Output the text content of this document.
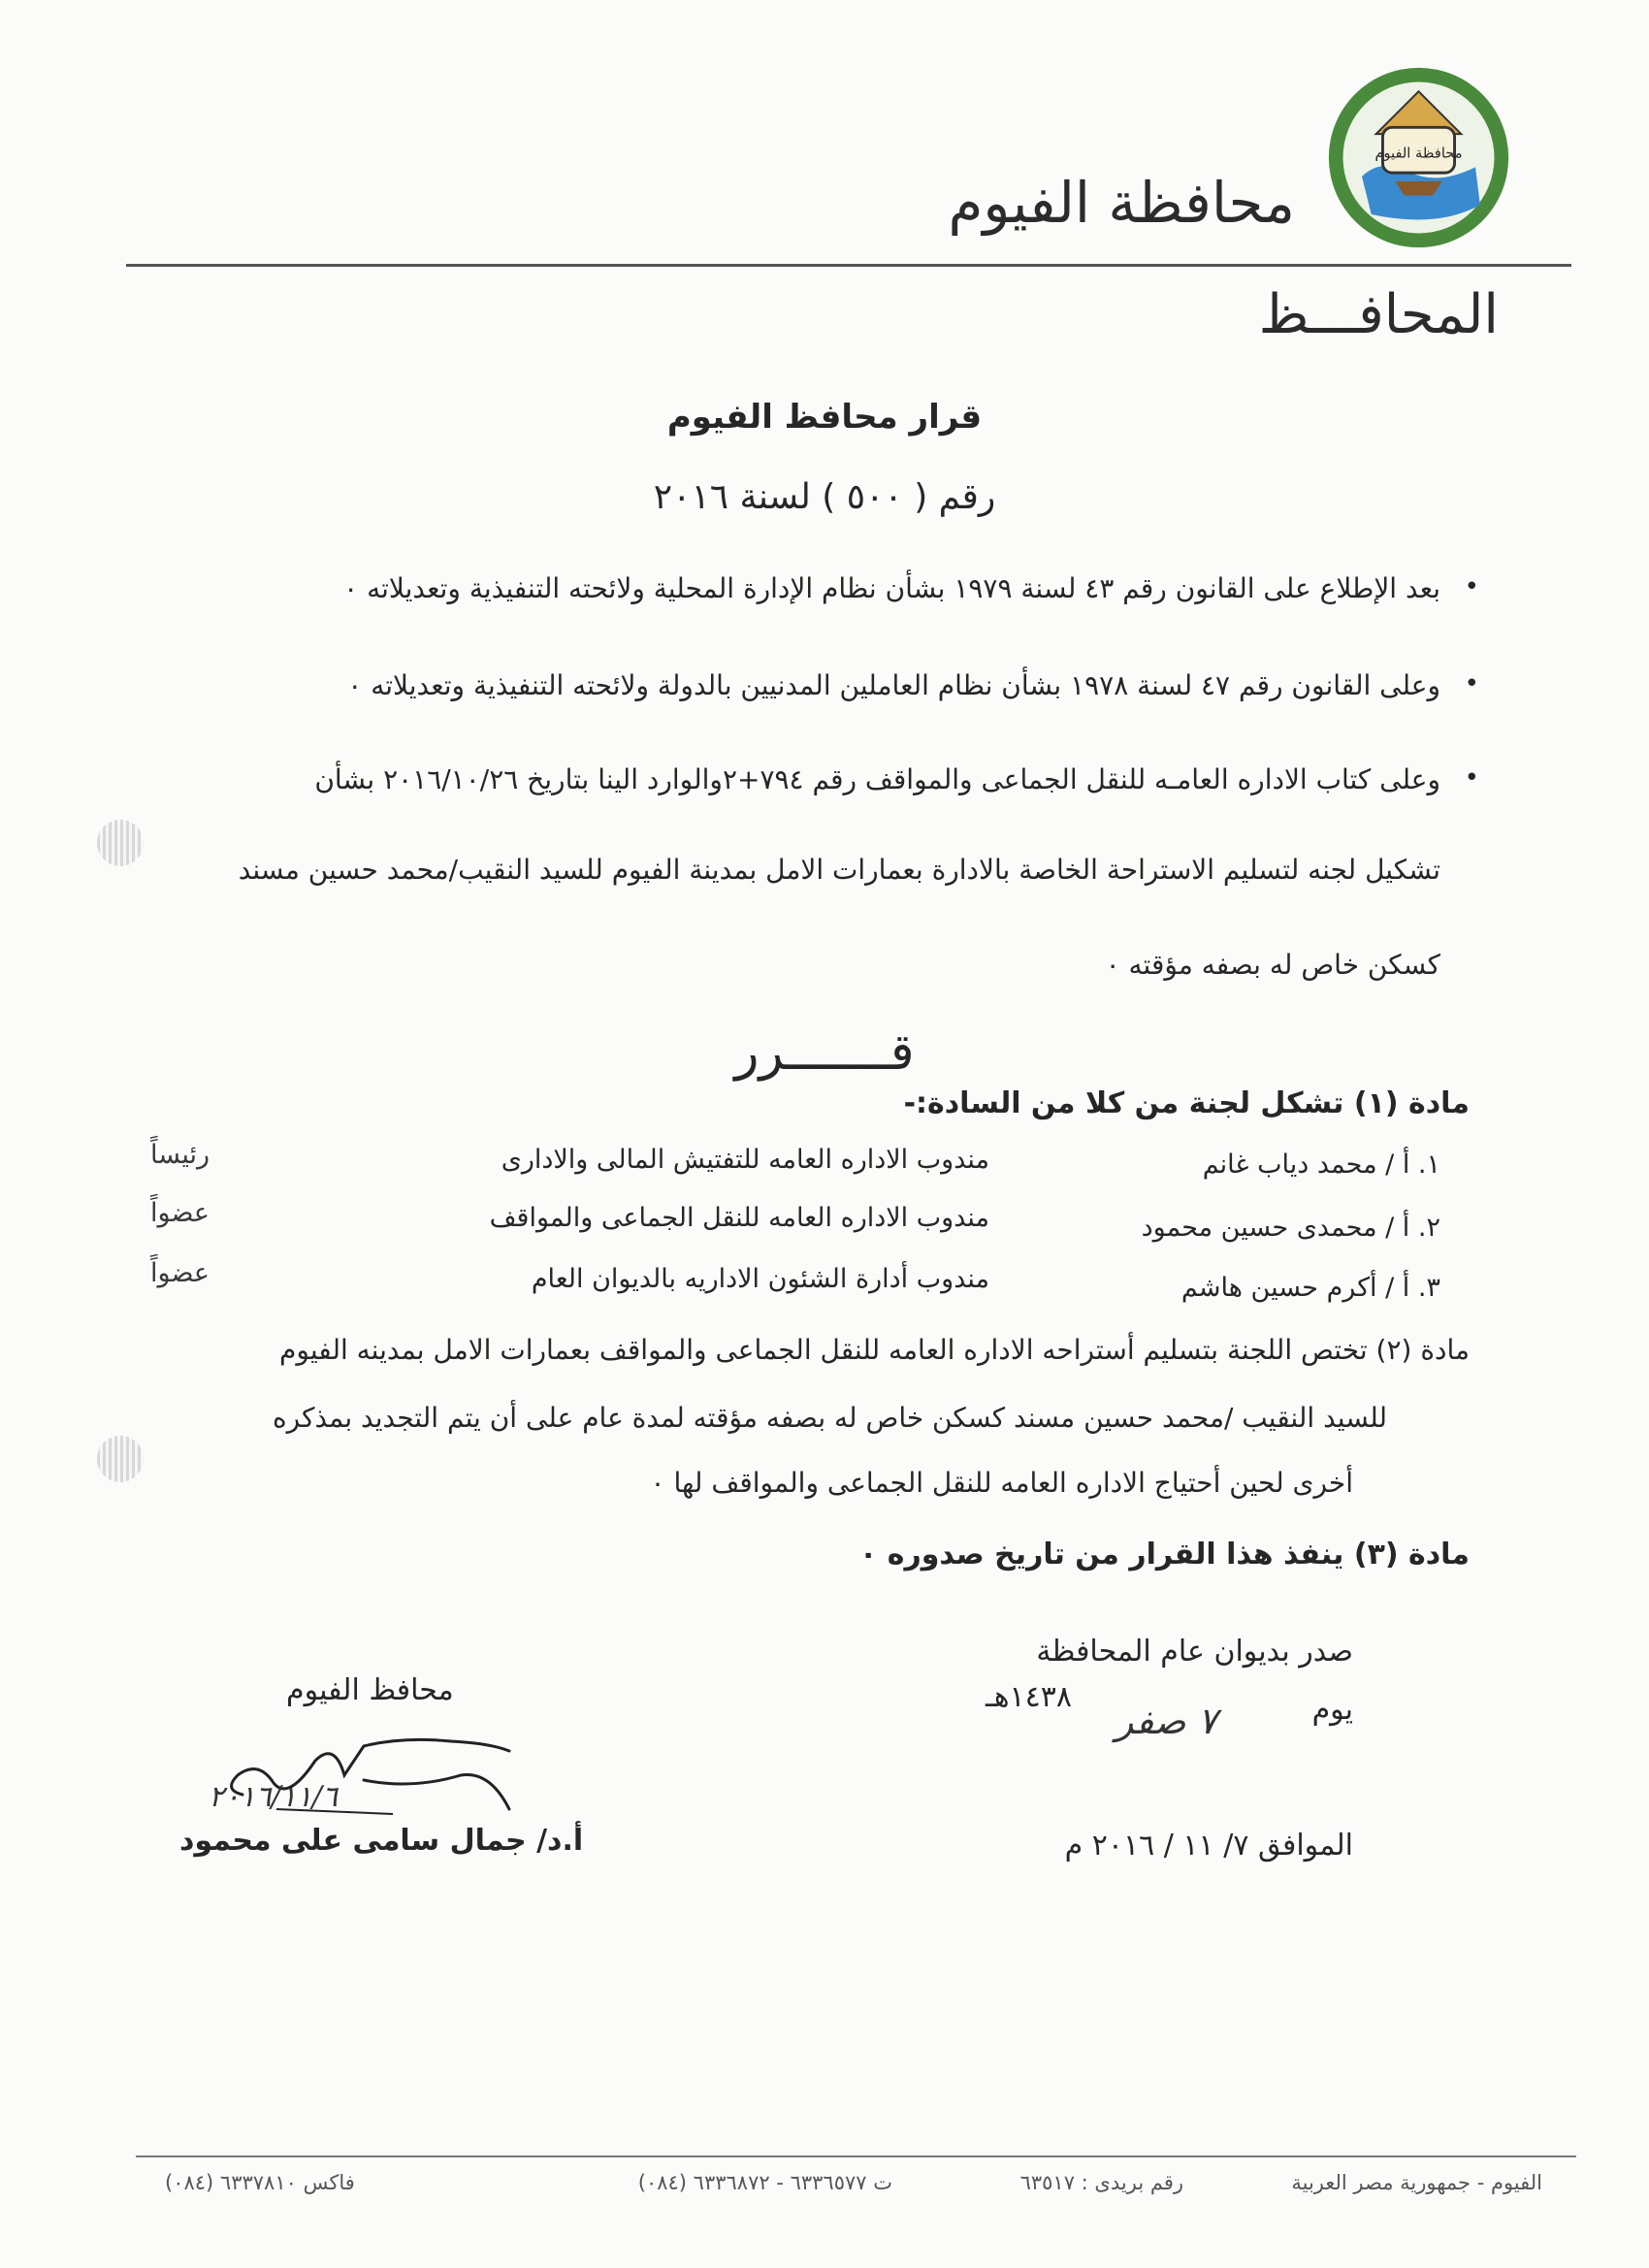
محافظة الفيوم
محافظة الفيوم
المحافـــظ
قرار محافظ الفيوم
رقم ( ٥٠٠ ) لسنة ٢٠١٦
•
بعد الإطلاع على القانون رقم ٤٣ لسنة ١٩٧٩ بشأن نظام الإدارة المحلية ولائحته التنفيذية وتعديلاته ٠
•
وعلى القانون رقم ٤٧ لسنة ١٩٧٨ بشأن نظام العاملين المدنيين بالدولة ولائحته التنفيذية وتعديلاته ٠
•
وعلى كتاب الاداره العامـه للنقل الجماعى والمواقف رقم ٧٩٤+٢والوارد الينا بتاريخ ٢٠١٦/١٠/٢٦ بشأن
تشكيل لجنه لتسليم الاستراحة الخاصة بالادارة بعمارات الامل بمدينة الفيوم للسيد النقيب/محمد حسين مسند
كسكن خاص له بصفه مؤقته ٠
قـــــــرر
مادة (١) تشكل لجنة من كلا من السادة:-
١. أ / محمد دياب غانم
مندوب الاداره العامه للتفتيش المالى والادارى
رئيساً
٢. أ / محمدى حسين محمود
مندوب الاداره العامه للنقل الجماعى والمواقف
عضواً
٣. أ / أكرم حسين هاشم
مندوب أدارة الشئون الاداريه بالديوان العام
عضواً
مادة (٢) تختص اللجنة بتسليم أستراحه الاداره العامه للنقل الجماعى والمواقف بعمارات الامل بمدينه الفيوم
للسيد النقيب /محمد حسين مسند كسكن خاص له بصفه مؤقته لمدة عام على أن يتم التجديد بمذكره
أخرى لحين أحتياج الاداره العامه للنقل الجماعى والمواقف لها ٠
مادة (٣) ينفذ هذا القرار من تاريخ صدوره ٠
صدر بديوان عام المحافظة
يوم
٧ صفر
١٤٣٨هـ
الموافق ٧/ ١١ / ٢٠١٦ م
محافظ الفيوم
٢٠١٦/١١/٦
أ.د/ جمال سامى على محمود
الفيوم - جمهورية مصر العربية
رقم بريدى : ٦٣٥١٧
ت ٦٣٣٦٥٧٧ - ٦٣٣٦٨٧٢ (٠٨٤)
فاكس ٦٣٣٧٨١٠ (٠٨٤)
